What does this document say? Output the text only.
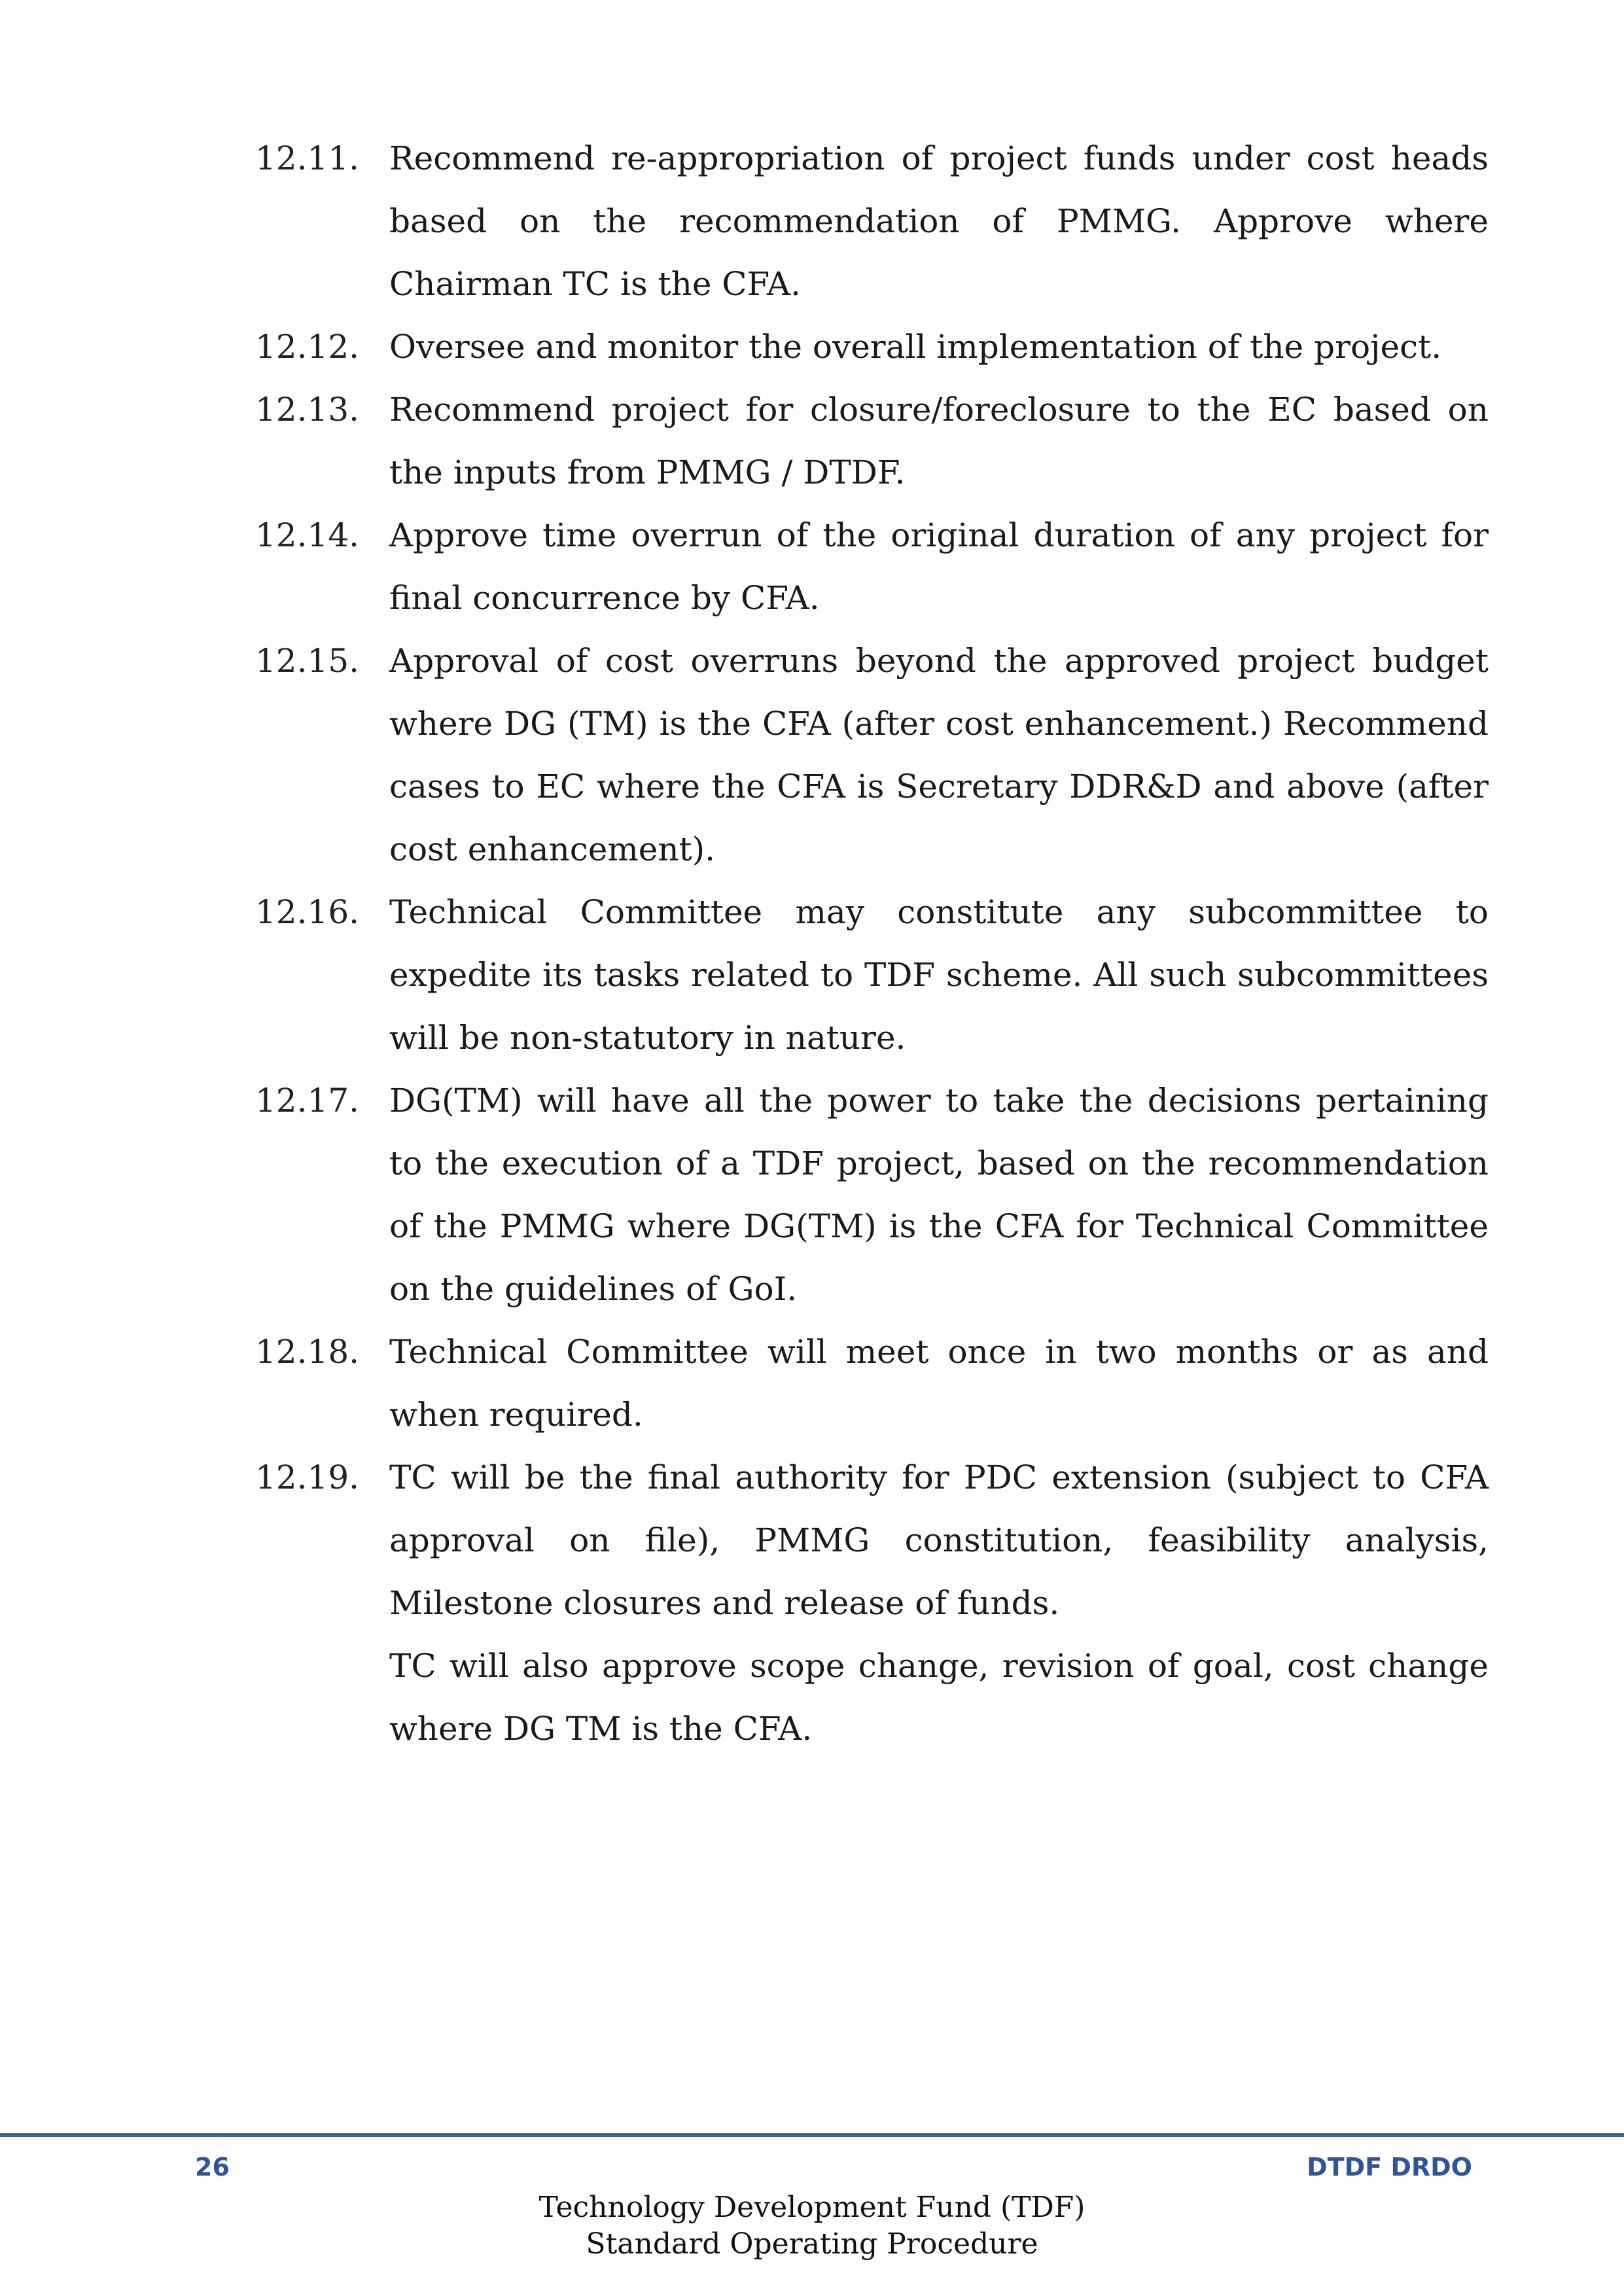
12.11. Recommend re-appropriation of project funds under cost heads based on the recommendation of PMMG. Approve where Chairman TC is the CFA.
12.12. Oversee and monitor the overall implementation of the project.
12.13. Recommend project for closure/foreclosure to the EC based on the inputs from PMMG / DTDF.
12.14. Approve time overrun of the original duration of any project for final concurrence by CFA.
12.15. Approval of cost overruns beyond the approved project budget where DG (TM) is the CFA (after cost enhancement.) Recommend cases to EC where the CFA is Secretary DDR&D and above (after cost enhancement).
12.16. Technical Committee may constitute any subcommittee to expedite its tasks related to TDF scheme. All such subcommittees will be non-statutory in nature.
12.17. DG(TM) will have all the power to take the decisions pertaining to the execution of a TDF project, based on the recommendation of the PMMG where DG(TM) is the CFA for Technical Committee on the guidelines of GoI.
12.18. Technical Committee will meet once in two months or as and when required.
12.19. TC will be the final authority for PDC extension (subject to CFA approval on file), PMMG constitution, feasibility analysis, Milestone closures and release of funds.
TC will also approve scope change, revision of goal, cost change where DG TM is the CFA.
26	DTDF DRDO
Technology Development Fund (TDF)
Standard Operating Procedure
